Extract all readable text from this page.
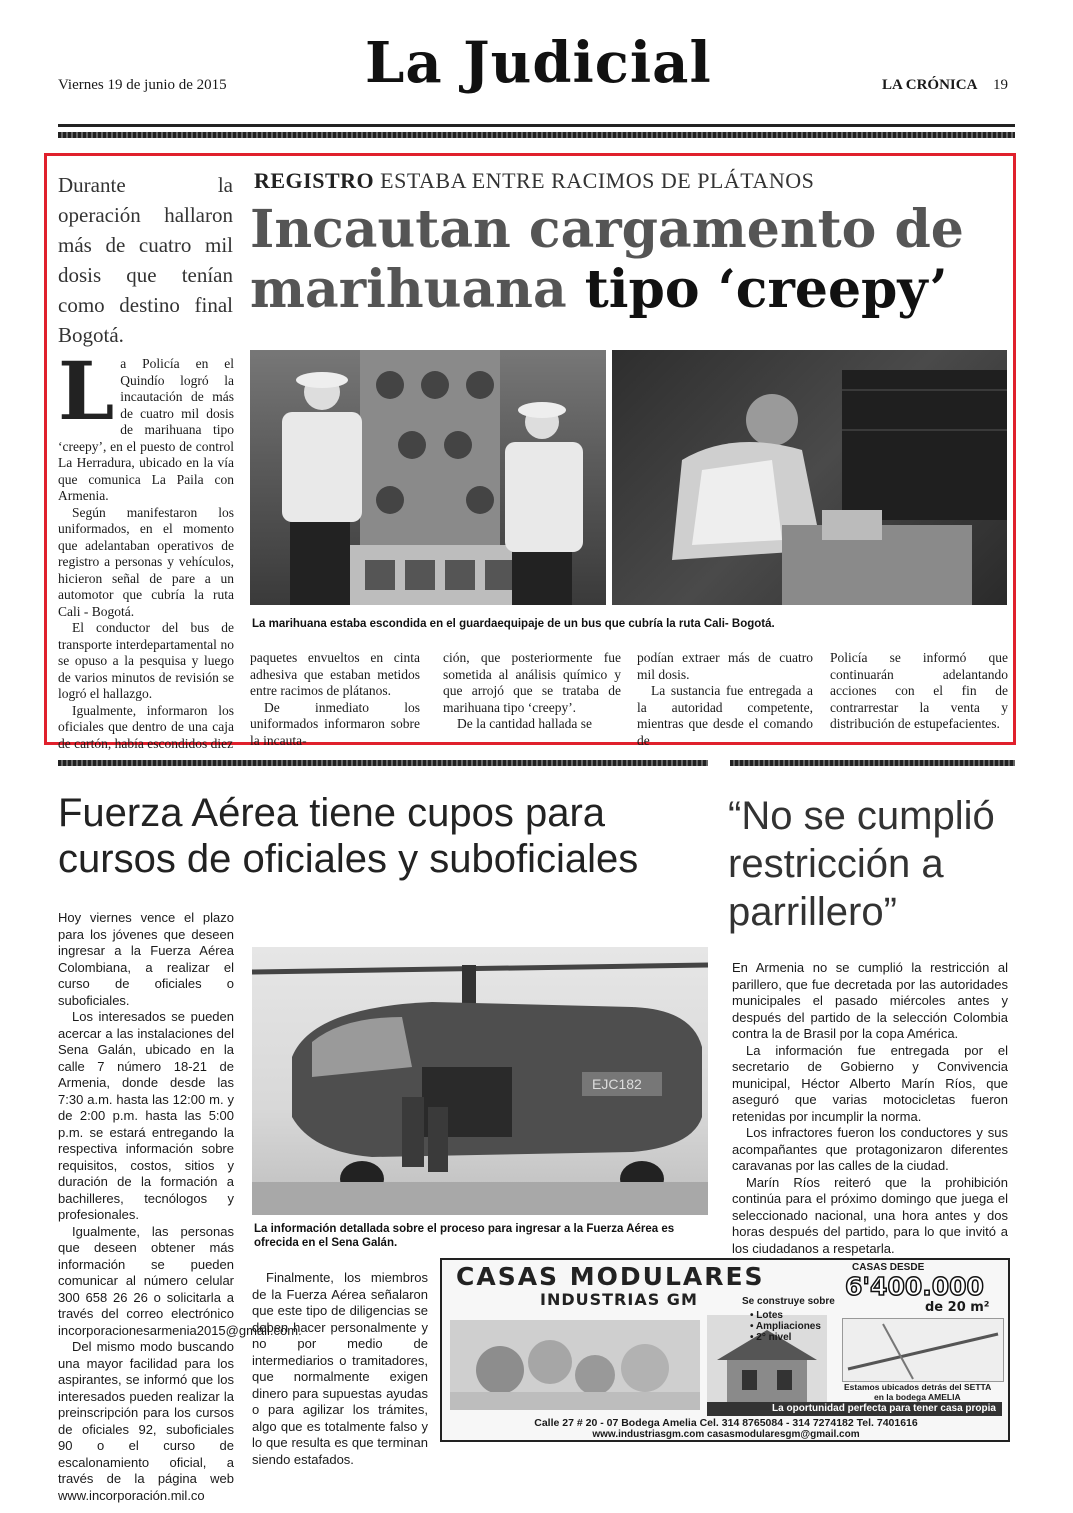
Viernes 19 de junio de 2015 La Judicial	LA CRÓNICA 19
Durante la operación hallaron más de cuatro mil dosis que tenían como destino final Bogotá.
REGISTRO ESTABA ENTRE RACIMOS DE PLÁTANOS
Incautan cargamento de marihuana tipo ‘creepy’
La marihuana estaba escondida en el guardaequipaje de un bus que cubría la ruta Cali- Bogotá.

La Policía en el Quindío logró la incautación de más de cuatro mil dosis de marihuana tipo ‘creepy’, en el puesto de control La Herradura, ubicado en la vía que comunica La Paila con Armenia.

Según manifestaron los uniformados, en el momento que adelantaban operativos de registro a personas y vehículos, hicieron señal de pare a un automotor que cubría la ruta Cali - Bogotá.

El conductor del bus de transporte interdepartamental no se opuso a la pesquisa y luego de varios minutos de revisión se logró el hallazgo.

Igualmente, informaron los oficiales que dentro de una caja de cartón, había escondidos diez

paquetes envueltos en cinta adhesiva que estaban metidos entre racimos de plátanos.

De inmediato los uniformados informaron sobre la incauta-

ción, que posteriormente fue sometida al análisis químico y que arrojó que se trataba de marihuana tipo ‘creepy’.

De la cantidad hallada se

podían extraer más de cuatro mil dosis.

La sustancia fue entregada a la autoridad competente, mientras que desde el comando de

Policía se informó que continuarán adelantando acciones con el fin de contrarrestar la venta y distribución de estupefacientes.

Fuerza Aérea tiene cupos para cursos de oficiales y suboficiales
EJC182
La información detallada sobre el proceso para ingresar a la Fuerza Aérea es ofrecida en el Sena Galán.

Hoy viernes vence el plazo para los jóvenes que deseen ingresar a la Fuerza Aérea Colombiana, a realizar el curso de oficiales o suboficiales.

Los interesados se pueden acercar a las instalaciones del Sena Galán, ubicado en la calle 7 número 18-21 de Armenia, donde desde las 7:30 a.m. hasta las 12:00 m. y de 2:00 p.m. hasta las 5:00 p.m. se estará entregando la respectiva información sobre requisitos, costos, sitios y duración de la formación a bachilleres, tecnólogos y profesionales.

Igualmente, las personas que deseen obtener más información se pueden comunicar al número celular 300 658 26 26 o solicitarla a través del correo electrónico incorporacionesarmenia2015@gmail.com.

Del mismo modo buscando una mayor facilidad para los aspirantes, se informó que los interesados pueden realizar la preinscripción para los cursos de oficiales 92, suboficiales 90 o el curso de escalonamiento oficial, a través de la página web www.incorporación.mil.co

Finalmente, los miembros de la Fuerza Aérea señalaron que este tipo de diligencias se deben hacer personalmente y no por medio de intermediarios o tramitadores, que normalmente exigen dinero para supuestas ayudas o para agilizar los trámites, algo que es totalmente falso y lo que resulta es que terminan siendo estafados.

“No se cumplió restricción a parrillero”

En Armenia no se cumplió la restricción al parillero, que fue decretada por las autoridades municipales el pasado miércoles antes y después del partido de la selección Colombia contra la de Brasil por la copa América.

La información fue entregada por el secretario de Gobierno y Convivencia municipal, Héctor Alberto Marín Ríos, que aseguró que varias motocicletas fueron retenidas por incumplir la norma.

Los infractores fueron los conductores y sus acompañantes que protagonizaron diferentes caravanas por las calles de la ciudad.

Marín Ríos reiteró que la prohibición continúa para el próximo domingo que juega el seleccionado nacional, una hora antes y dos horas después del partido, para lo que invitó a los ciudadanos a respetarla.

CASAS MODULARES
INDUSTRIAS GM	Se construye sobre
• Lotes
• Ampliaciones
• 2° nivel
CASAS DESDE
6'400.000
de 20 m²
Estamos ubicados detrás del SETTA
en la bodega AMELIA
La oportunidad perfecta para tener casa propia
Calle 27 # 20 - 07 Bodega Amelia Cel. 314 8765084 - 314 7274182 Tel. 7401616
www.industriasgm.com casasmodularesgm@gmail.com
